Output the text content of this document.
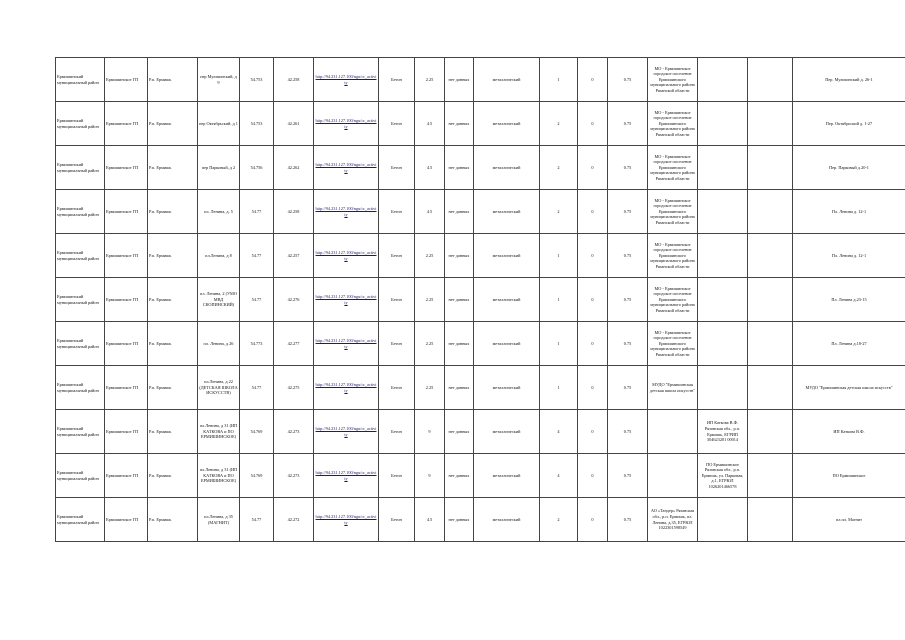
Ермишинский муниципальный район	Ермишинское ГП	Р.п. Ермишь	пер Мульчинский, д 9	54.753	42.258	http://94.231.127.100/ngu/cr_activity	Бетон	2.25	нет данных	металлический	1	0	0.75	МО - Ермишинское городское поселение Ермишинского муниципального района Рязанской области			Пер. Мульчинский д. 26-1
Ермишинский муниципальный район	Ермишинское ГП	Р.п. Ермишь	пер Октябрьский, д 1	54.753	42.261	http://94.231.127.100/ngu/cr_activity	Бетон	4.5	нет данных	металлический	2	0	0.75	МО - Ермишинское городское поселение Ермишинского муниципального района Рязанской области			Пер. Октябрьский д. 1-27
Ермишинский муниципальный район	Ермишинское ГП	Р.п. Ермишь	пер Парковый, д 2	54.756	42.262	http://94.231.127.100/ngu/cr_activity	Бетон	4.5	нет данных	металлический	2	0	0.75	МО - Ермишинское городское поселение Ермишинского муниципального района Рязанской области			Пер. Парковый д.20-1
Ермишинский муниципальный район	Ермишинское ГП	Р.п. Ермишь	пл. Ленина, д. 5	54.77	42.258	http://94.231.127.100/ngu/cr_activity	Бетон	4.5	нет данных	металлический	2	0	0.75	МО - Ермишинское городское поселение Ермишинского муниципального района Рязанской области			Пл. Ленина д. 12-1
Ермишинский муниципальный район	Ермишинское ГП	Р.п. Ермишь	пл.Ленина, д 8	54.77	42.257	http://94.231.127.100/ngu/cr_activity	Бетон	2.25	нет данных	металлический	1	0	0.75	МО - Ермишинское городское поселение Ермишинского муниципального района Рязанской области			Пл. Ленина д. 12-1
Ермишинский муниципальный район	Ермишинское ГП	Р.п. Ермишь	пл. Ленина, 2 (УМО МВД СКОПИНСКИЙ)	54.77	42.276	http://94.231.127.100/ngu/cr_activity	Бетон	2.25	нет данных	металлический	1	0	0.75	МО - Ермишинское городское поселение Ермишинского муниципального района Рязанской области			Пл. Ленина д.23-15
Ермишинский муниципальный район	Ермишинское ГП	Р.п. Ермишь	пл. Ленина, д 26	54.773	42.277	http://94.231.127.100/ngu/cr_activity	Бетон	2.25	нет данных	металлический	1	0	0.75	МО - Ермишинское городское поселение Ермишинского муниципального района Рязанской области			Пл. Ленина д.18-27
Ермишинский муниципальный район	Ермишинское ГП	Р.п. Ермишь	пл.Ленина, д 22 (ДЕТСКАЯ ШКОЛА ИСКУССТВ)	54.77	42.275	http://94.231.127.100/ngu/cr_activity	Бетон	2.25	нет данных	металлический	1	0	0.75	МУДО "Ермишинская детская школа искусств"			МУДО "Ермишинская детская школа искусств"
Ермишинский муниципальный район	Ермишинское ГП	Р.п. Ермишь	пл.Ленина, д 31 (ИП КАТКОВА и ПО ЕРМИШИНСКОЕ)	54.769	42.273	http://94.231.127.100/ngu/cr_activity	Бетон	9	нет данных	металлический	4	0	0.75		ИП Каткова В.Ф. Рязанская обл., р.п. Ермишь, ЕГРИП 304623201 00014		ИП Каткова В.Ф.
Ермишинский муниципальный район	Ермишинское ГП	Р.п. Ермишь	пл.Ленина, д 31 (ИП КАТКОВА и ПО ЕРМИШИНСКОЕ)	54.769	42.273	http://94.231.127.100/ngu/cr_activity	Бетон	9	нет данных	металлический	4	0	0.75		ПО Ермишинское Рязанская обл., р.п. Ермишь, ул. Парковая, д.1, ЕГРЮЛ 1026201466578		ПО Ермишинское
Ермишинский муниципальный район	Ермишинское ГП	Р.п. Ермишь	пл.Ленина, д 35 (МАГНИТ)	54.77	42.272	http://94.231.127.100/ngu/cr_activity	Бетон	4.5	нет данных	металлический	2	0	0.75	АО «Тандер» Рязанская обл., р.п. Ермишь, пл. Ленина, д.35, ЕГРЮЛ 1022301598549			пл.пл. Магнит
